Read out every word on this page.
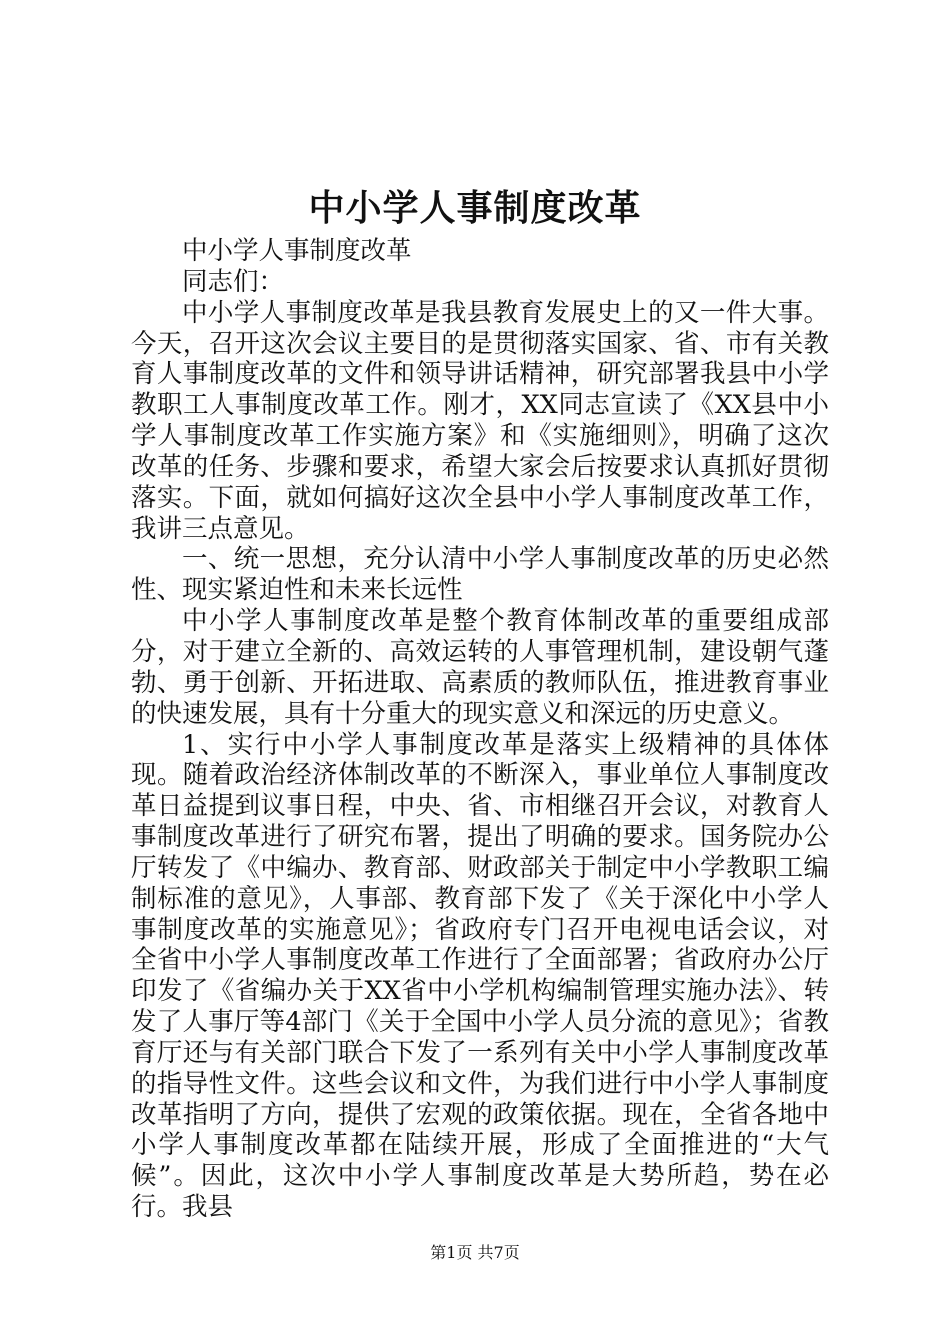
中小学人事制度改革

中小学人事制度改革

同志们：

中小学人事制度改革是我县教育发展史上的又一件大事。今天，召开这次会议主要目的是贯彻落实国家、省、市有关教育人事制度改革的文件和领导讲话精神，研究部署我县中小学教职工人事制度改革工作。刚才，XX同志宣读了《XX县中小学人事制度改革工作实施方案》和《实施细则》，明确了这次改革的任务、步骤和要求，希望大家会后按要求认真抓好贯彻落实。下面，就如何搞好这次全县中小学人事制度改革工作，我讲三点意见。

一、统一思想，充分认清中小学人事制度改革的历史必然性、现实紧迫性和未来长远性

中小学人事制度改革是整个教育体制改革的重要组成部分，对于建立全新的、高效运转的人事管理机制，建设朝气蓬勃、勇于创新、开拓进取、高素质的教师队伍，推进教育事业的快速发展，具有十分重大的现实意义和深远的历史意义。

1、实行中小学人事制度改革是落实上级精神的具体体现。随着政治经济体制改革的不断深入，事业单位人事制度改革日益提到议事日程，中央、省、市相继召开会议，对教育人事制度改革进行了研究布署，提出了明确的要求。国务院办公厅转发了《中编办、教育部、财政部关于制定中小学教职工编制标准的意见》，人事部、教育部下发了《关于深化中小学人事制度改革的实施意见》；省政府专门召开电视电话会议，对全省中小学人事制度改革工作进行了全面部署；省政府办公厅印发了《省编办关于XX省中小学机构编制管理实施办法》、转发了人事厅等4部门《关于全国中小学人员分流的意见》；省教育厅还与有关部门联合下发了一系列有关中小学人事制度改革的指导性文件。这些会议和文件，为我们进行中小学人事制度改革指明了方向，提供了宏观的政策依据。现在，全省各地中小学人事制度改革都在陆续开展，形成了全面推进的“大气候”。因此，这次中小学人事制度改革是大势所趋，势在必行。我县

第1页 共7页
